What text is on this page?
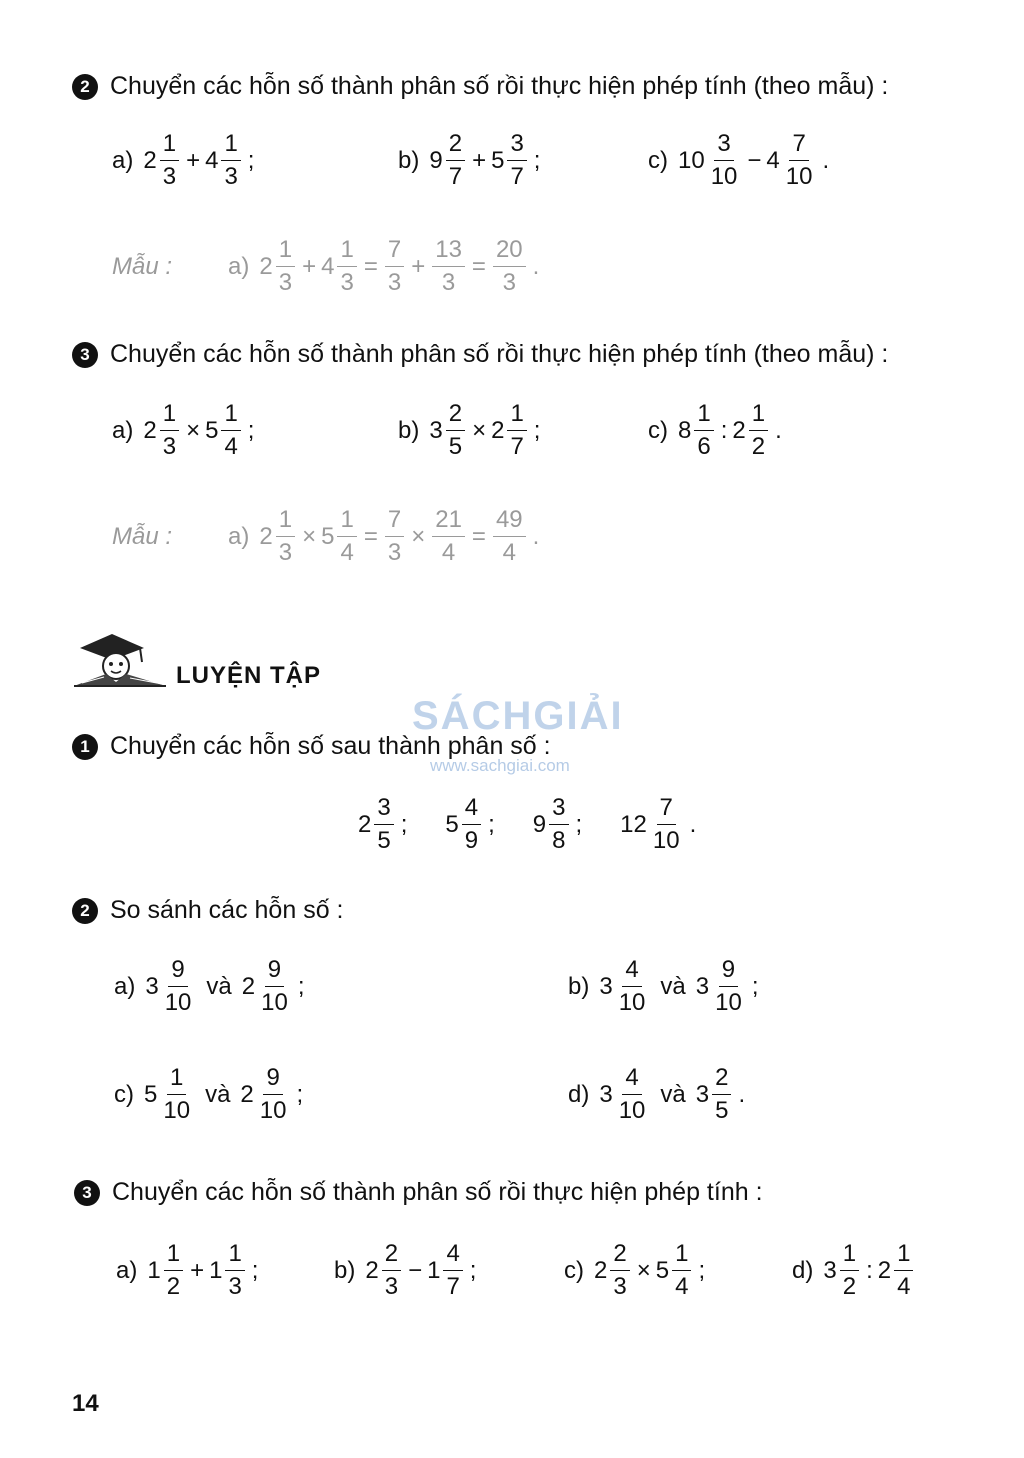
2 Chuyển các hỗn số thành phân số rồi thực hiện phép tính (theo mẫu) :
a) $2 \frac{1}{3} + 4 \frac{1}{3}$ ;	b) $9 \frac{2}{7} + 5 \frac{3}{7}$ ;	c) $10 \frac{3}{10} - 4 \frac{7}{10}$ .
Mẫu : a) $2 \frac{1}{3} + 4 \frac{1}{3} = \frac{7}{3} + \frac{13}{3} = \frac{20}{3}$ .
3 Chuyển các hỗn số thành phân số rồi thực hiện phép tính (theo mẫu) :
a) $2 \frac{1}{3} \times 5 \frac{1}{4}$ ;	b) $3 \frac{2}{5} \times 2 \frac{1}{7}$ ;	c) $8 \frac{1}{6}$ : $2 \frac{1}{2}$ .
Mẫu : a) $2 \frac{1}{3} \times 5 \frac{1}{4} = \frac{7}{3} \times \frac{21}{4} = \frac{49}{4}$ .
LUYỆN TẬP
SÁCHGIẢI
www.sachgiai.com
1 Chuyển các hỗn số sau thành phân số :
$2 \frac{3}{5}$ ; $5 \frac{4}{9}$ ; $9 \frac{3}{8}$ ; $12 \frac{7}{10}$ .
2 So sánh các hỗn số :
a) $3 \frac{9}{10}$ và $2 \frac{9}{10}$ ;	b) $3 \frac{4}{10}$ và $3 \frac{9}{10}$ ;
c) $5 \frac{1}{10}$ và $2 \frac{9}{10}$ ;	d) $3 \frac{4}{10}$ và $3 \frac{2}{5}$ .
3 Chuyển các hỗn số thành phân số rồi thực hiện phép tính :
a) $1 \frac{1}{2} + 1 \frac{1}{3}$ ;	b) $2 \frac{2}{3} - 1 \frac{4}{7}$ ;	c) $2 \frac{2}{3} \times 5 \frac{1}{4}$ ;	d) $3 \frac{1}{2}$ : $2 \frac{1}{4}$
14
